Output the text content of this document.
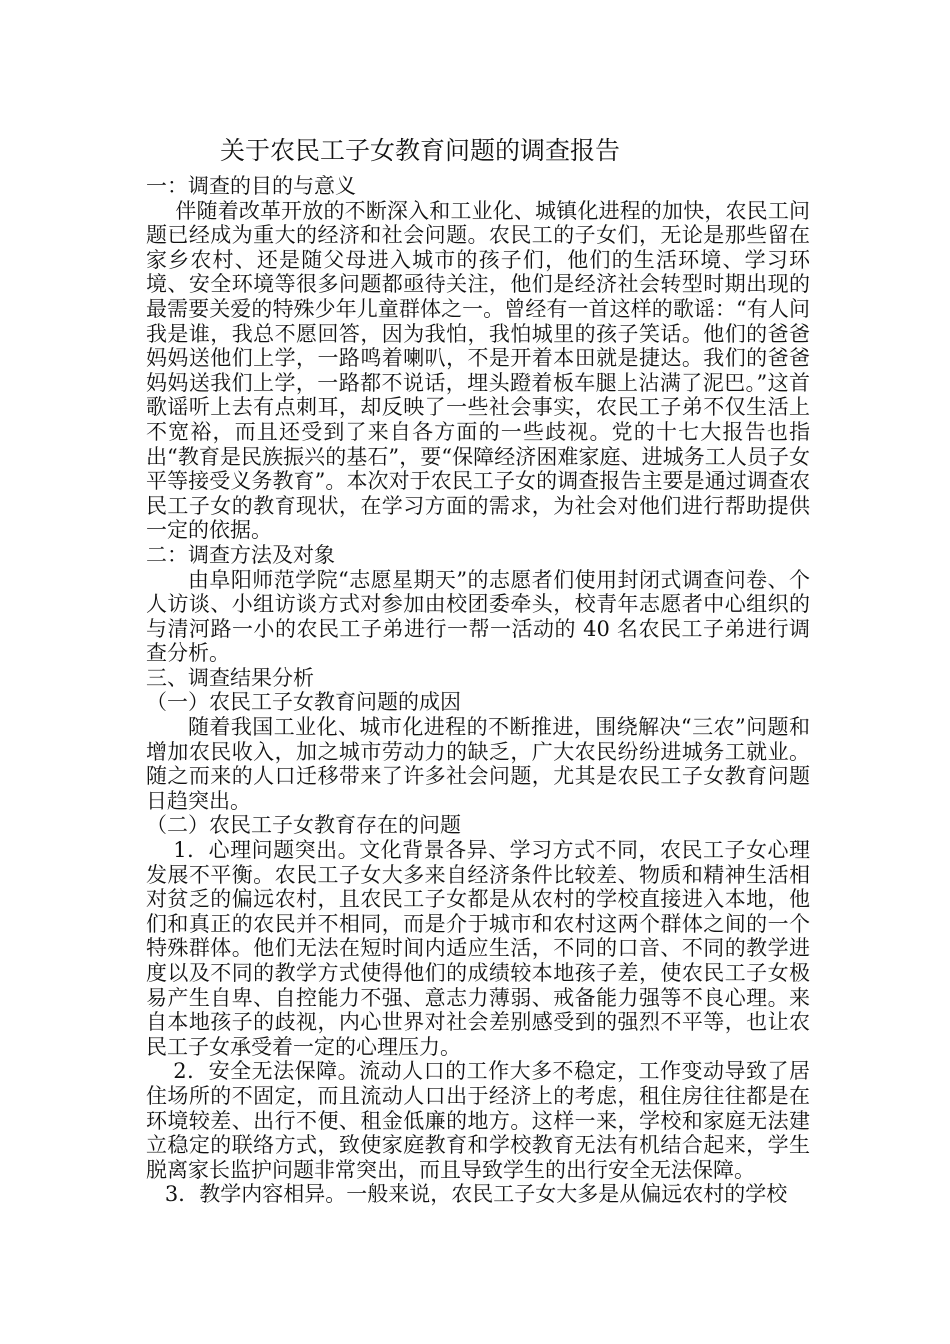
关于农民工子女教育问题的调查报告

一：调查的目的与意义

伴随着改革开放的不断深入和工业化、城镇化进程的加快，农民工问题已经成为重大的经济和社会问题。农民工的子女们，无论是那些留在家乡农村、还是随父母进入城市的孩子们，他们的生活环境、学习环境、安全环境等很多问题都亟待关注，他们是经济社会转型时期出现的最需要关爱的特殊少年儿童群体之一。曾经有一首这样的歌谣：“有人问我是谁，我总不愿回答，因为我怕，我怕城里的孩子笑话。他们的爸爸妈妈送他们上学，一路鸣着喇叭，不是开着本田就是捷达。我们的爸爸妈妈送我们上学，一路都不说话，埋头蹬着板车腿上沾满了泥巴。”这首歌谣听上去有点刺耳，却反映了一些社会事实，农民工子弟不仅生活上不宽裕，而且还受到了来自各方面的一些歧视。党的十七大报告也指出“教育是民族振兴的基石”，要“保障经济困难家庭、进城务工人员子女平等接受义务教育”。本次对于农民工子女的调查报告主要是通过调查农民工子女的教育现状，在学习方面的需求，为社会对他们进行帮助提供一定的依据。

二：调查方法及对象

由阜阳师范学院“志愿星期天”的志愿者们使用封闭式调查问卷、个人访谈、小组访谈方式对参加由校团委牵头，校青年志愿者中心组织的与清河路一小的农民工子弟进行一帮一活动的 40 名农民工子弟进行调查分析。

三、调查结果分析

（一）农民工子女教育问题的成因

随着我国工业化、城市化进程的不断推进，围绕解决“三农”问题和增加农民收入，加之城市劳动力的缺乏，广大农民纷纷进城务工就业。随之而来的人口迁移带来了许多社会问题，尤其是农民工子女教育问题日趋突出。

（二）农民工子女教育存在的问题

1．心理问题突出。文化背景各异、学习方式不同，农民工子女心理发展不平衡。农民工子女大多来自经济条件比较差、物质和精神生活相对贫乏的偏远农村，且农民工子女都是从农村的学校直接进入本地，他们和真正的农民并不相同，而是介于城市和农村这两个群体之间的一个特殊群体。他们无法在短时间内适应生活，不同的口音、不同的教学进度以及不同的教学方式使得他们的成绩较本地孩子差，使农民工子女极易产生自卑、自控能力不强、意志力薄弱、戒备能力强等不良心理。来自本地孩子的歧视，内心世界对社会差别感受到的强烈不平等，也让农民工子女承受着一定的心理压力。

2．安全无法保障。流动人口的工作大多不稳定，工作变动导致了居住场所的不固定，而且流动人口出于经济上的考虑，租住房往往都是在环境较差、出行不便、租金低廉的地方。这样一来，学校和家庭无法建立稳定的联络方式，致使家庭教育和学校教育无法有机结合起来，学生脱离家长监护问题非常突出，而且导致学生的出行安全无法保障。

3．教学内容相异。一般来说，农民工子女大多是从偏远农村的学校
